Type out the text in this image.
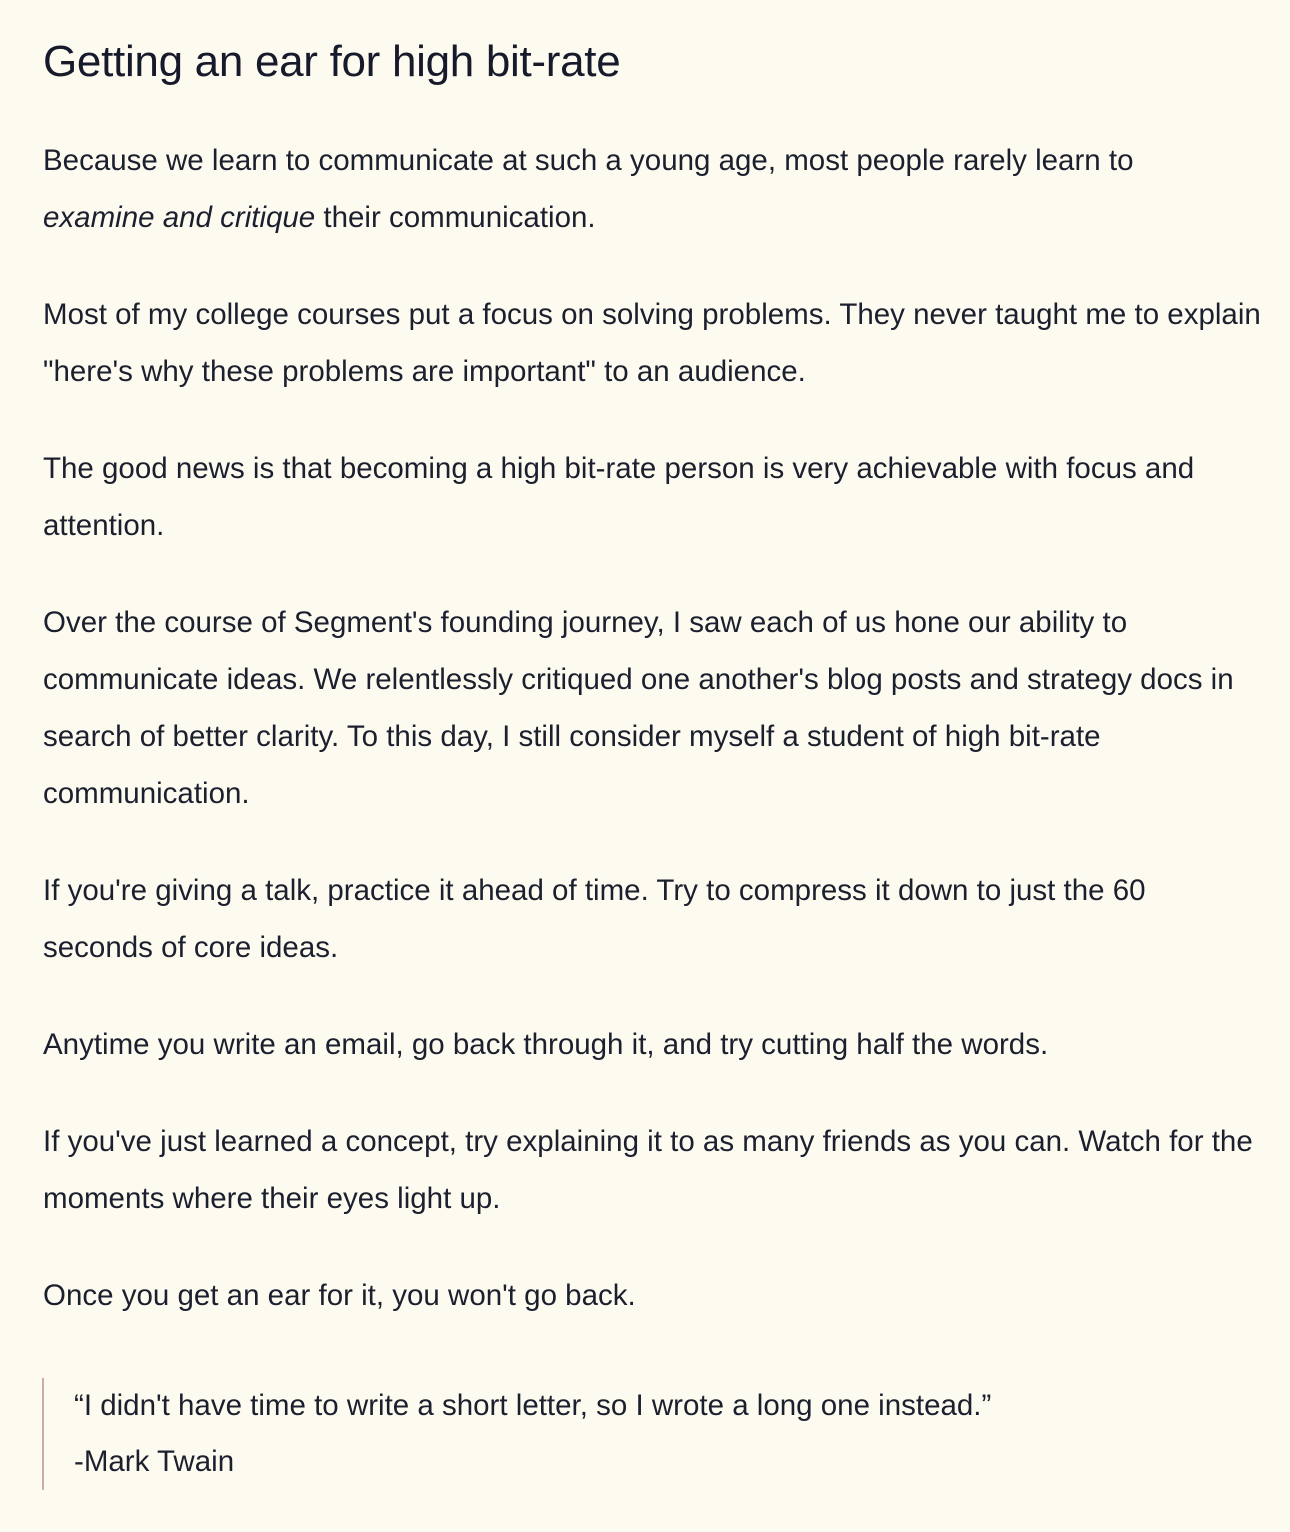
Getting an ear for high bit-rate

Because we learn to communicate at such a young age, most people rarely learn to
examine and critique their communication.

Most of my college courses put a focus on solving problems. They never taught me to explain "here's why these problems are important" to an audience.

The good news is that becoming a high bit-rate person is very achievable with focus and attention.

Over the course of Segment's founding journey, I saw each of us hone our ability to communicate ideas. We relentlessly critiqued one another's blog posts and strategy docs in search of better clarity. To this day, I still consider myself a student of high bit-rate communication.

If you're giving a talk, practice it ahead of time. Try to compress it down to just the 60 seconds of core ideas.

Anytime you write an email, go back through it, and try cutting half the words.

If you've just learned a concept, try explaining it to as many friends as you can. Watch for the moments where their eyes light up.

Once you get an ear for it, you won't go back.

“I didn't have time to write a short letter, so I wrote a long one instead.”

-Mark Twain
